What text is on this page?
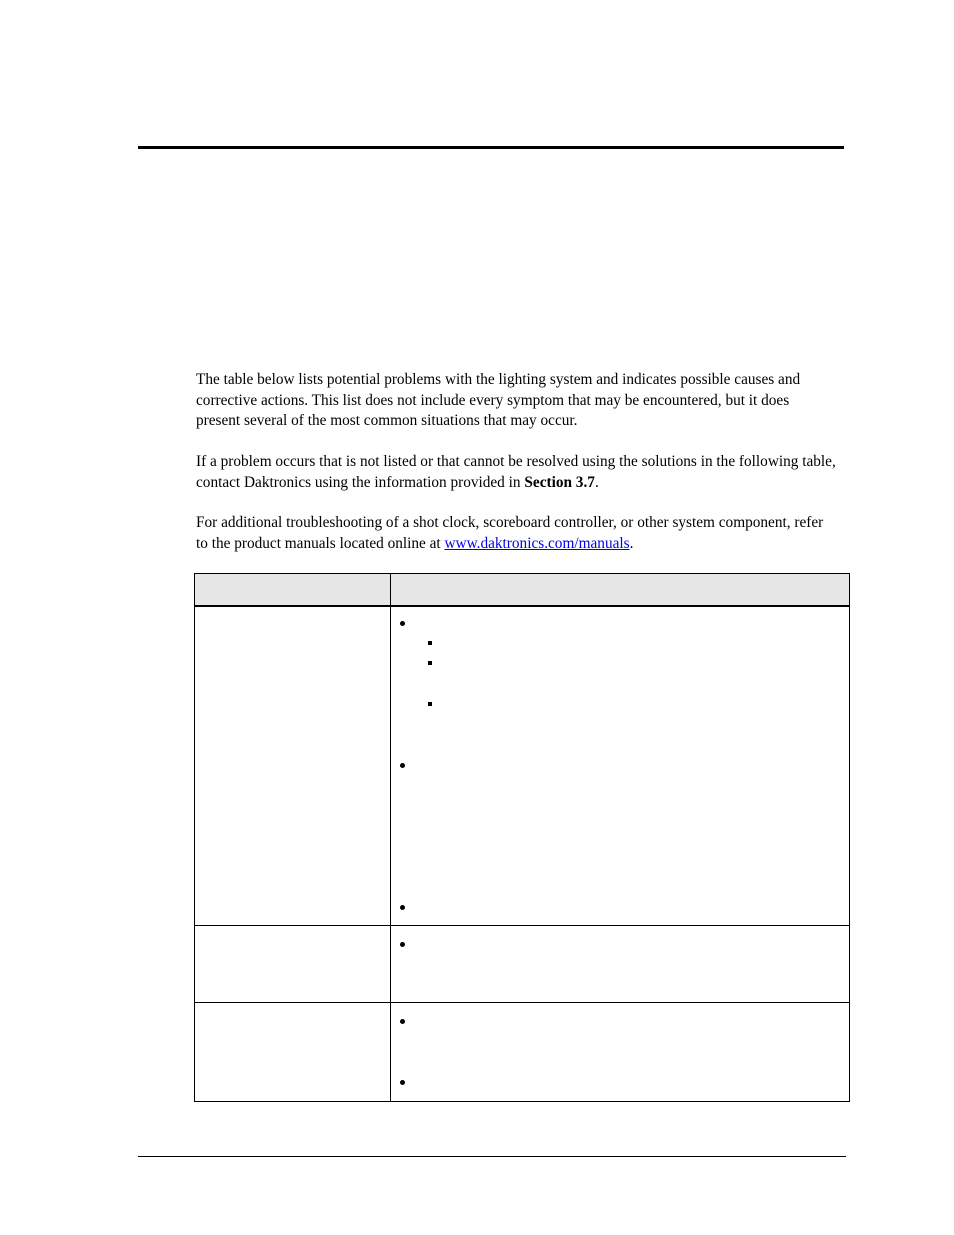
The table below lists potential problems with the lighting system and indicates possible causes and corrective actions. This list does not include every symptom that may be encountered, but it does present several of the most common situations that may occur.

If a problem occurs that is not listed or that cannot be resolved using the solutions in the following table, contact Daktronics using the information provided in Section 3.7.

For additional troubleshooting of a shot clock, scoreboard controller, or other system component, refer to the product manuals located online at www.daktronics.com/manuals.
